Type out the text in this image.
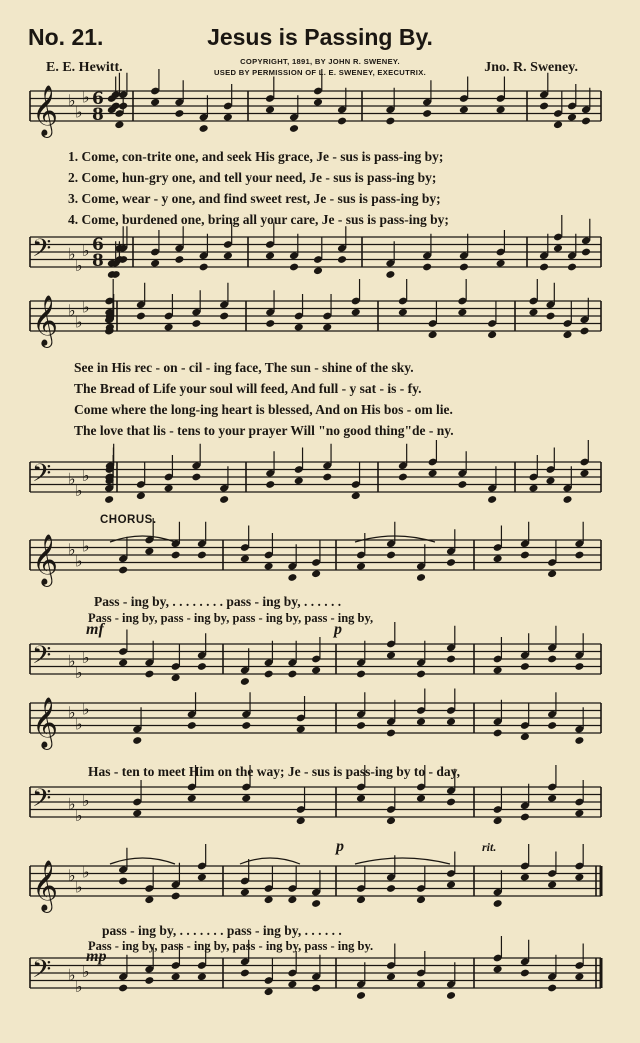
𝄞 ♭
♭
♭
𝄢 ♭
♭
♭
𝄞 ♭
♭
♭
𝄢 ♭
♭
♭
𝄞 ♭
♭
♭
𝄢 ♭
♭
♭
𝄞 ♭
♭
♭
𝄢 ♭
♭
♭
𝄞 ♭
♭
♭
𝄢 ♭
♭
♭
6
8
6
8
No. 21.	Jesus is Passing By.
E. E. Hewitt.	COPYRIGHT, 1891, BY JOHN R. SWENEY.
USED BY PERMISSION OF L. E. SWENEY, EXECUTRIX.	Jno. R. Sweney.
1. Come, con-trite one, and seek His grace, Je - sus is pass-ing by;
2. Come, hun-gry one, and tell your need, Je - sus is pass-ing by;
3. Come, wear - y one, and find sweet rest, Je - sus is pass-ing by;
4. Come, burdened one, bring all your care, Je - sus is pass-ing by;
See in His rec - on - cil - ing face, The sun - shine of the sky.
The Bread of Life your soul will feed, And full - y sat - is - fy.
Come where the long-ing heart is blessed, And on His bos - om lie.
The love that lis - tens to your prayer Will "no good thing"de - ny.
CHORUS.
Pass - ing by, . . . . . . . . pass - ing by, . . . . . .
Pass - ing by, pass - ing by, pass - ing by, pass - ing by,
mf	p
Has - ten to meet Him on the way; Je - sus is pass-ing by to - day,
p	rit.
pass - ing by, . . . . . . . pass - ing by, . . . . . .
Pass - ing by, pass - ing by, pass - ing by, pass - ing by.
mp
